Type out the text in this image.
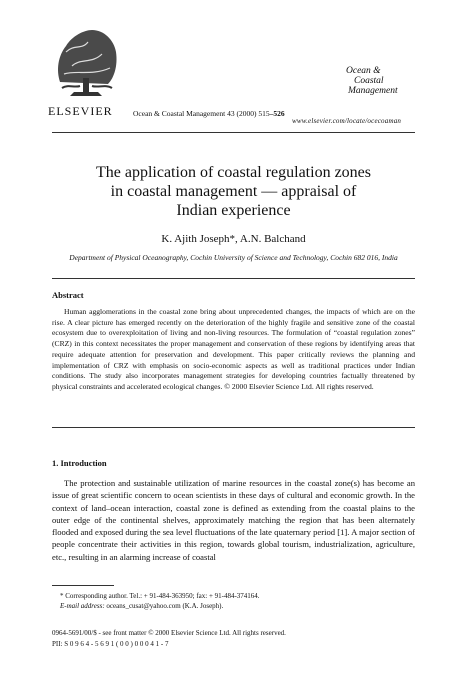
ELSEVIER	Ocean & Coastal Management 43 (2000) 515–526
Ocean &
Coastal
Management
www.elsevier.com/locate/ocecoaman
The application of coastal regulation zones
in coastal management — appraisal of
Indian experience
K. Ajith Joseph*, A.N. Balchand
Department of Physical Oceanography, Cochin University of Science and Technology, Cochin 682 016, India
Abstract
Human agglomerations in the coastal zone bring about unprecedented changes, the impacts of which are on the rise. A clear picture has emerged recently on the deterioration of the highly fragile and sensitive zone of the coastal ecosystem due to overexploitation of living and non-living resources. The formulation of “coastal regulation zones” (CRZ) in this context necessitates the proper management and conservation of these regions by identifying areas that require adequate attention for preservation and development. This paper critically reviews the planning and implementation of CRZ with emphasis on socio-economic aspects as well as traditional practices under Indian conditions. The study also incorporates management strategies for developing countries factually threatened by physical constraints and accelerated ecological changes. © 2000 Elsevier Science Ltd. All rights reserved.
1. Introduction
The protection and sustainable utilization of marine resources in the coastal zone(s) has become an issue of great scientific concern to ocean scientists in these days of cultural and economic growth. In the context of land–ocean interaction, coastal zone is defined as extending from the coastal plains to the outer edge of the continental shelves, approximately matching the region that has been alternately flooded and exposed during the sea level fluctuations of the late quaternary period [1]. A major section of people concentrate their activities in this region, towards global tourism, industrialization, agriculture, etc., resulting in an alarming increase of coastal
* Corresponding author. Tel.: + 91-484-363950; fax: + 91-484-374164.
E-mail address: oceans_cusat@yahoo.com (K.A. Joseph).
0964-5691/00/$ - see front matter © 2000 Elsevier Science Ltd. All rights reserved.
PII: S 0 9 6 4 - 5 6 9 1 ( 0 0 ) 0 0 0 4 1 - 7
